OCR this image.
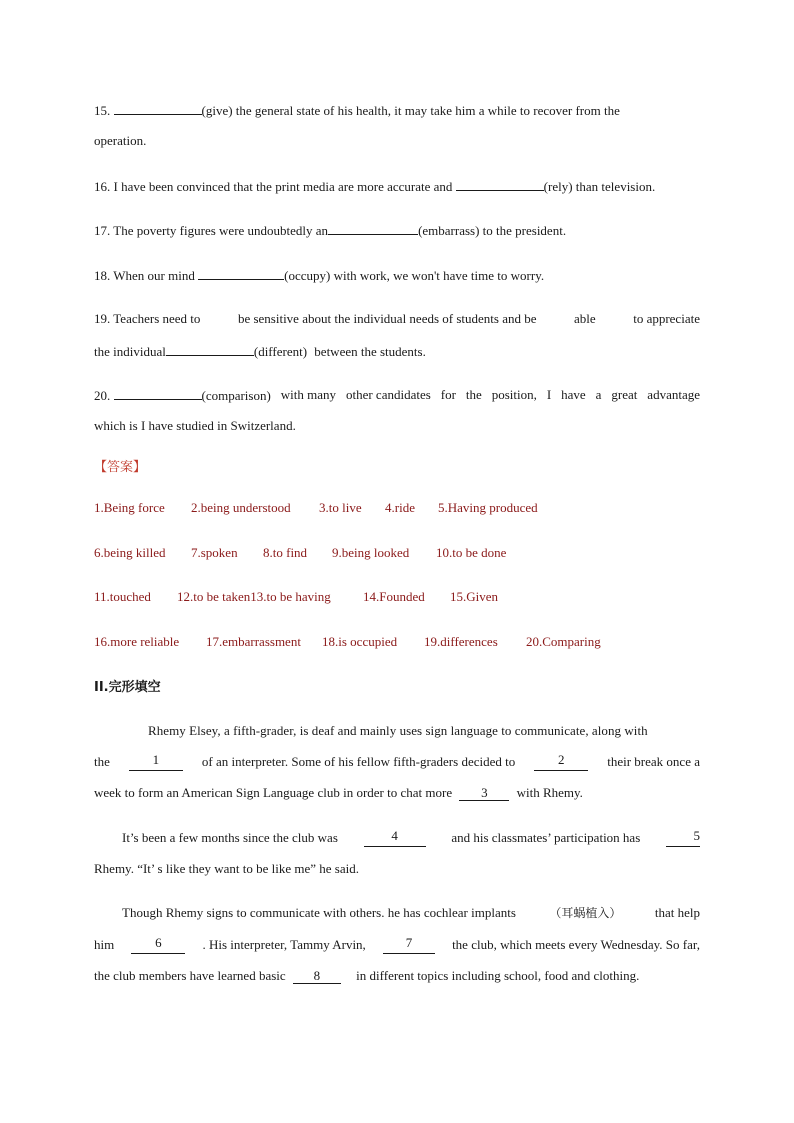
15.	(give) the general state of his health, it may take him a while to recover from the
operation.
16. I have been convinced that the print media are more accurate and	(rely) than television.
17. The poverty figures were undoubtedly an	(embarrass) to the president.
18. When our mind	(occupy) with work, we won't have time to worry.
19. Teachers need to	be sensitive about the individual needs of students and be	able	to appreciate
the individual	(different) between the students.
20.	(comparison) with many other candidates for the position, I have a great advantage
which is I have studied in Switzerland.
【答案】
1.Being force 2.being understood 3.to live 4.ride 5.Having produced
6.being killed 7.spoken 8.to find 9.being looked 10.to be done
11.touched 12.to be taken13.to be having 14.Founded 15.Given
16.more reliable 17.embarrassment 18.is occupied 19.differences 20.Comparing
II.完形填空
Rhemy Elsey, a fifth-grader, is deaf and mainly uses sign language to communicate, along with
the	1	of an interpreter. Some of his fellow fifth-graders decided to	2	their break once a
week to form an American Sign Language club in order to chat more 3 with Rhemy.
It’s been a few months since the club was	4	and his classmates’ participation has	5
Rhemy. “It’ s like they want to be like me” he said.
Though Rhemy signs to communicate with others. he has cochlear implants	（耳蜗植入）	that help
him	6	. His interpreter, Tammy Arvin,	7	the club, which meets every Wednesday. So far,
the club members have learned basic 8	in different topics including school, food and clothing.
